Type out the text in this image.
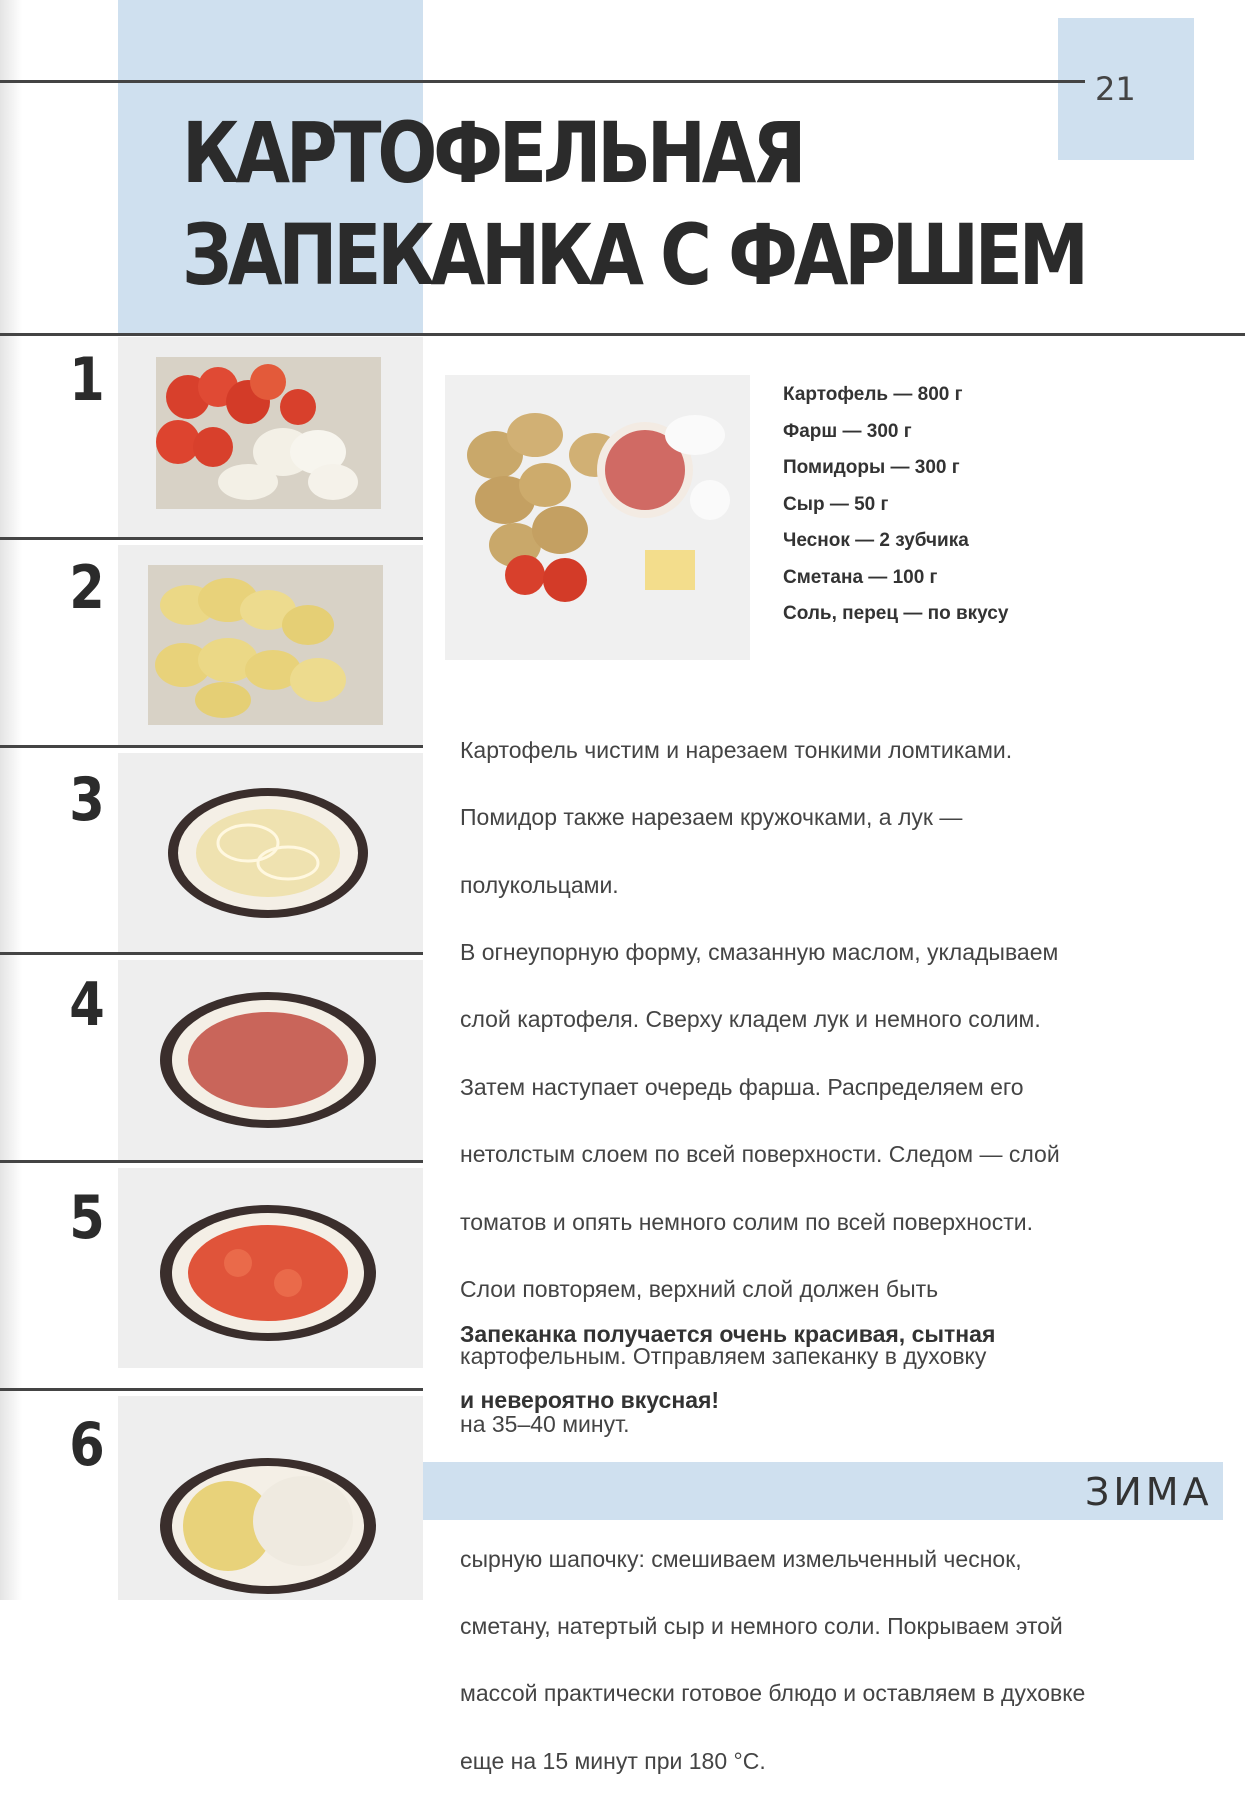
21
КАРТОФЕЛЬНАЯ
ЗАПЕКАНКА С ФАРШЕМ
1
2
3
4
5
6
Картофель — 800 г
Фарш — 300 г
Помидоры — 300 г
Сыр — 50 г
Чеснок — 2 зубчика
Сметана — 100 г
Соль, перец — по вкусу

Картофель чистим и нарезаем тонкими ломтиками.

Помидор также нарезаем кружочками, а лук —

полукольцами.

В огнеупорную форму, смазанную маслом, укладываем

слой картофеля. Сверху кладем лук и немного солим.

Затем наступает очередь фарша. Распределяем его

нетолстым слоем по всей поверхности. Следом — слой

томатов и опять немного солим по всей поверхности.

Слои повторяем, верхний слой должен быть

картофельным. Отправляем запеканку в духовку

на 35–40 минут.

сырную шапочку: смешиваем измельченный чеснок,

сметану, натертый сыр и немного соли. Покрываем этой

массой практически готовое блюдо и оставляем в духовке

еще на 15 минут при 180 °С.

Запеканка получается очень красивая, сытная

и невероятно вкусная!

ЗИМА
